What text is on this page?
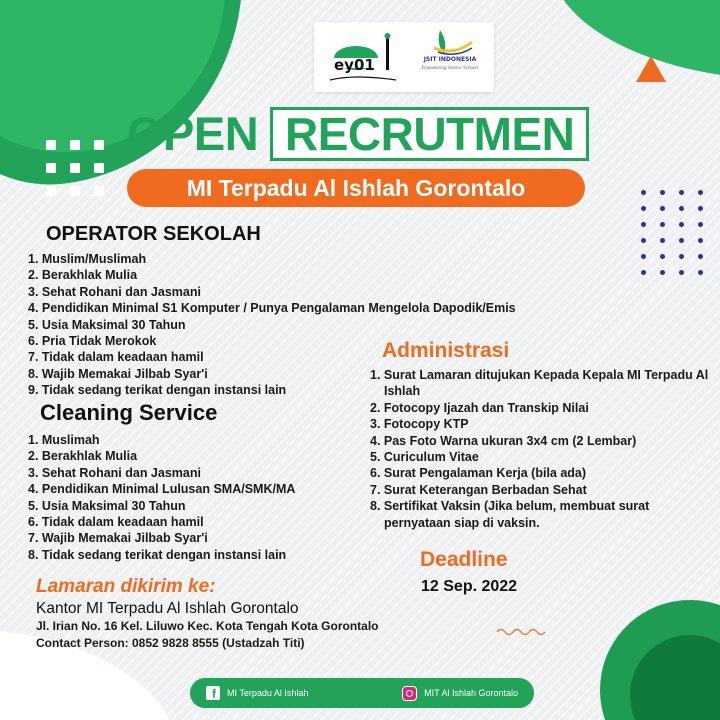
ey01	JSIT INDONESIA
Empowering Islamic Schools
OPEN RECRUTMEN
MI Terpadu Al Ishlah Gorontalo
OPERATOR SEKOLAH
1. Muslim/Muslimah
2. Berakhlak Mulia
3. Sehat Rohani dan Jasmani
4. Pendidikan Minimal S1 Komputer / Punya Pengalaman Mengelola Dapodik/Emis
5. Usia Maksimal 30 Tahun
6. Pria Tidak Merokok
7. Tidak dalam keadaan hamil
8. Wajib Memakai Jilbab Syar'i
9. Tidak sedang terikat dengan instansi lain
Cleaning Service
1. Muslimah
2. Berakhlak Mulia
3. Sehat Rohani dan Jasmani
4. Pendidikan Minimal Lulusan SMA/SMK/MA
5. Usia Maksimal 30 Tahun
6. Tidak dalam keadaan hamil
7. Wajib Memakai Jilbab Syar'i
8. Tidak sedang terikat dengan instansi lain
Administrasi
1. Surat Lamaran ditujukan Kepada Kepala MI Terpadu Al Ishlah
2. Fotocopy Ijazah dan Transkip Nilai
3. Fotocopy KTP
4. Pas Foto Warna ukuran 3x4 cm (2 Lembar)
5. Curiculum Vitae
6. Surat Pengalaman Kerja (bila ada)
7. Surat Keterangan Berbadan Sehat
8. Sertifikat Vaksin (Jika belum, membuat surat pernyataan siap di vaksin.
Deadline
12 Sep. 2022
Lamaran dikirim ke:
Kantor MI Terpadu Al Ishlah Gorontalo
Jl. Irian No. 16 Kel. Liluwo Kec. Kota Tengah Kota Gorontalo
Contact Person: 0852 9828 8555 (Ustadzah Titi)
f MI Terpadu Al Ishlah	MIT Al Ishlah Gorontalo
